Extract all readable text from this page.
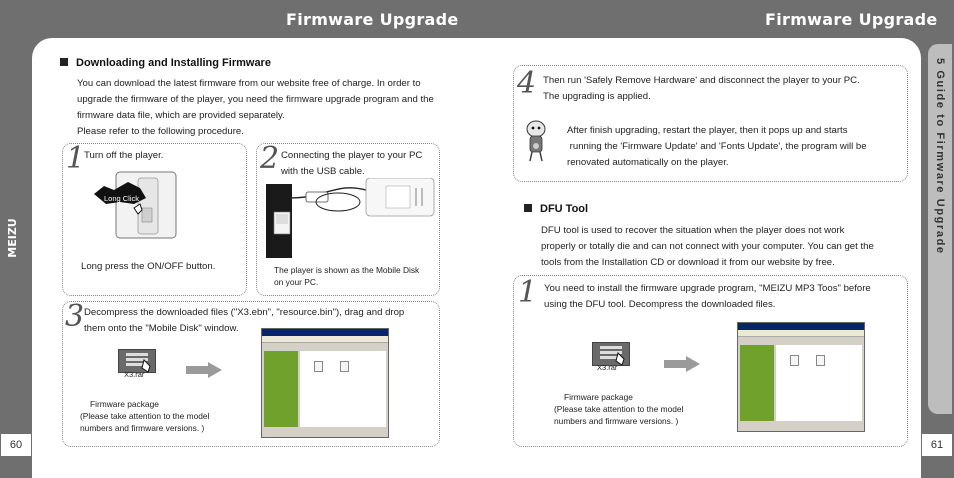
Firmware Upgrade	Firmware Upgrade
MEIZU	5 Guide to Firmware Upgrade
60	61
Downloading and Installing Firmware
You can download the latest firmware from our website free of charge. In order to
upgrade the firmware of the player, you need the firmware upgrade program and the
firmware data file, which are provided separately.
Please refer to the following procedure.
1
Turn off the player.
Long Click
Long press the ON/OFF button.
2 Connecting the player to your PC
with the USB cable.
The player is shown as the Mobile Disk
on your PC.
3 Decompress the downloaded files ("X3.ebn", "resource.bin"), drag and drop
them onto the "Mobile Disk" window.
X3.rar
Firmware package
(Please take attention to the model
numbers and firmware versions. )
4 Then run 'Safely Remove Hardware' and disconnect the player to your PC.
The upgrading is applied.
After finish upgrading, restart the player, then it pops up and starts
running the 'Firmware Update' and 'Fonts Update', the program will be
renovated automatically on the player.
DFU Tool
DFU tool is used to recover the situation when the player does not work
properly or totally die and can not connect with your computer. You can get the
tools from the Installation CD or download it from our website by free.
1 You need to install the firmware upgrade program, "MEIZU MP3 Toos" before
using the DFU tool. Decompress the downloaded files.
X3.rar
Firmware package
(Please take attention to the model
numbers and firmware versions. )
